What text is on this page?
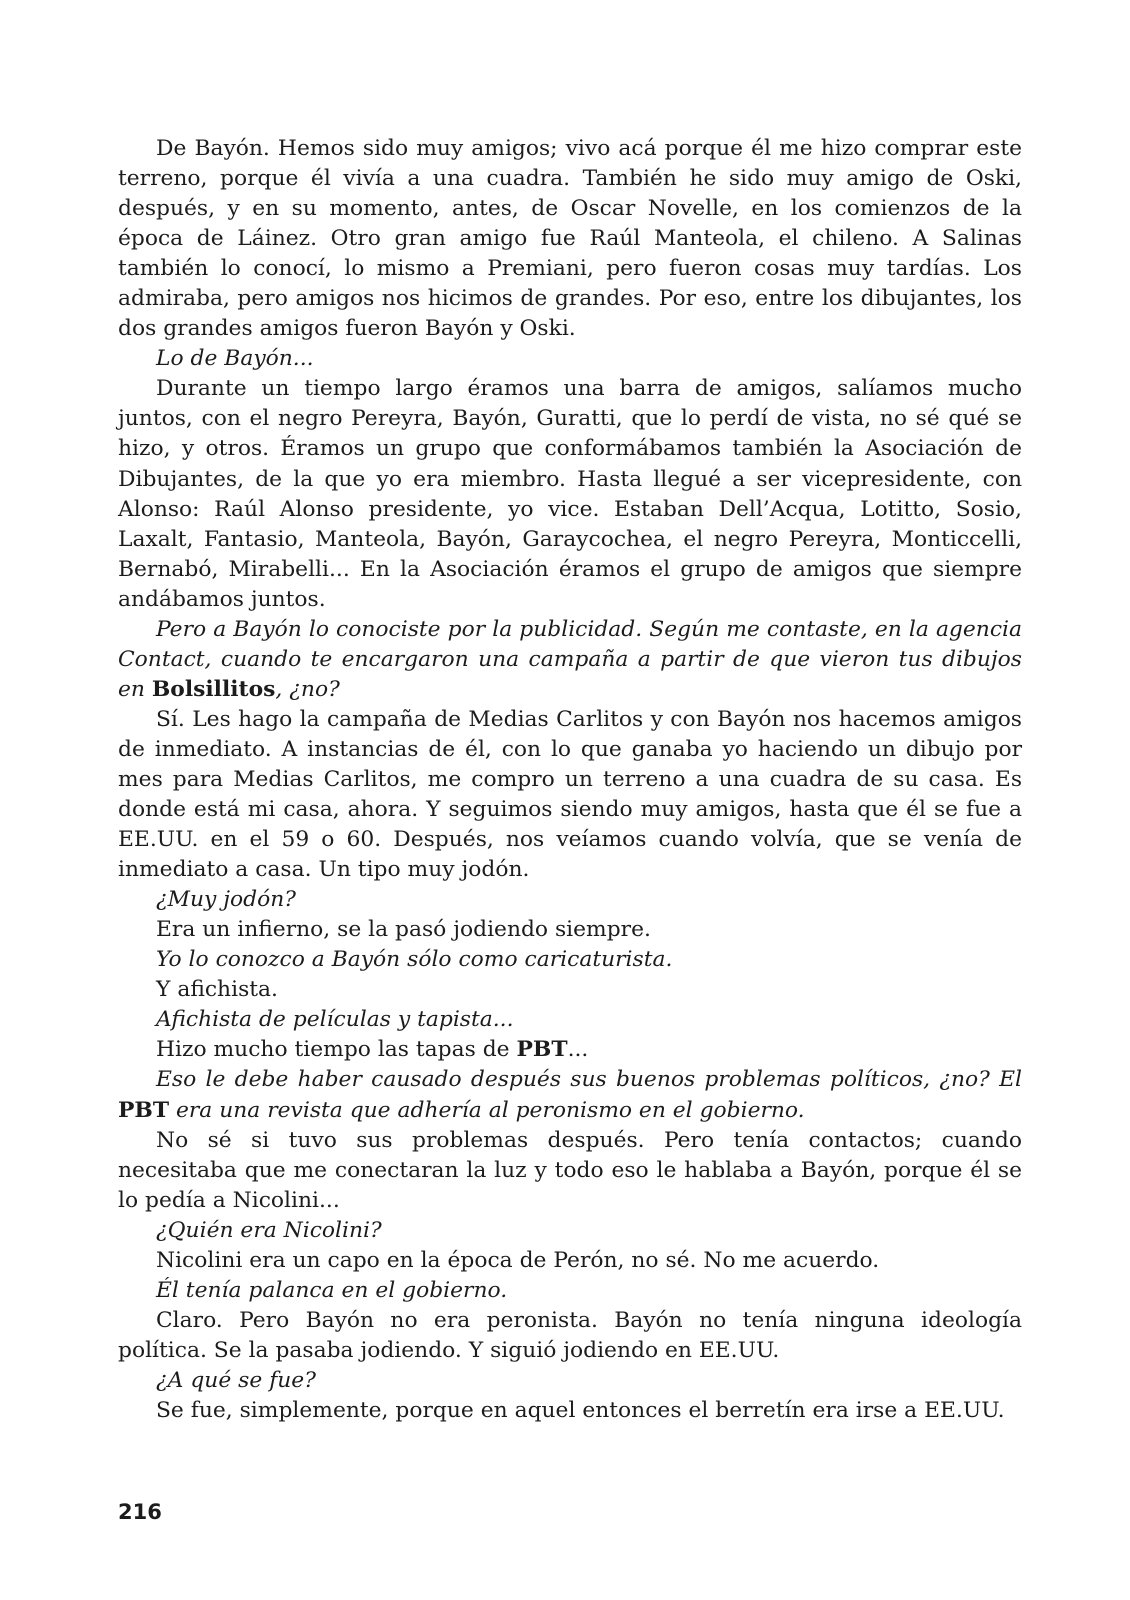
De Bayón. Hemos sido muy amigos; vivo acá porque él me hizo comprar este terreno, porque él vivía a una cuadra. También he sido muy amigo de Oski, después, y en su momento, antes, de Oscar Novelle, en los comienzos de la época de Láinez. Otro gran amigo fue Raúl Manteola, el chileno. A Salinas también lo conocí, lo mismo a Premiani, pero fueron cosas muy tardías. Los admiraba, pero amigos nos hicimos de grandes. Por eso, entre los dibujantes, los dos grandes amigos fueron Bayón y Oski.

Lo de Bayón...

Durante un tiempo largo éramos una barra de amigos, salíamos mucho juntos, con el negro Pereyra, Bayón, Guratti, que lo perdí de vista, no sé qué se hizo, y otros. Éramos un grupo que conformábamos también la Asociación de Dibujantes, de la que yo era miembro. Hasta llegué a ser vicepresidente, con Alonso: Raúl Alonso presidente, yo vice. Estaban Dell’Acqua, Lotitto, Sosio, Laxalt, Fantasio, Manteola, Bayón, Garaycochea, el negro Pereyra, Monticcelli, Bernabó, Mirabelli... En la Asociación éramos el grupo de amigos que siempre andábamos juntos.

Pero a Bayón lo conociste por la publicidad. Según me contaste, en la agencia Contact, cuando te encargaron una campaña a partir de que vieron tus dibujos en Bolsillitos, ¿no?

Sí. Les hago la campaña de Medias Carlitos y con Bayón nos hacemos amigos de inmediato. A instancias de él, con lo que ganaba yo haciendo un dibujo por mes para Medias Carlitos, me compro un terreno a una cuadra de su casa. Es donde está mi casa, ahora. Y seguimos siendo muy amigos, hasta que él se fue a EE.UU. en el 59 o 60. Después, nos veíamos cuando volvía, que se venía de inmediato a casa. Un tipo muy jodón.

¿Muy jodón?

Era un infierno, se la pasó jodiendo siempre.

Yo lo conozco a Bayón sólo como caricaturista.

Y afichista.

Afichista de películas y tapista...

Hizo mucho tiempo las tapas de PBT...

Eso le debe haber causado después sus buenos problemas políticos, ¿no? El PBT era una revista que adhería al peronismo en el gobierno.

No sé si tuvo sus problemas después. Pero tenía contactos; cuando necesitaba que me conectaran la luz y todo eso le hablaba a Bayón, porque él se lo pedía a Nicolini...

¿Quién era Nicolini?

Nicolini era un capo en la época de Perón, no sé. No me acuerdo.

Él tenía palanca en el gobierno.

Claro. Pero Bayón no era peronista. Bayón no tenía ninguna ideología política. Se la pasaba jodiendo. Y siguió jodiendo en EE.UU.

¿A qué se fue?

Se fue, simplemente, porque en aquel entonces el berretín era irse a EE.UU.

216
